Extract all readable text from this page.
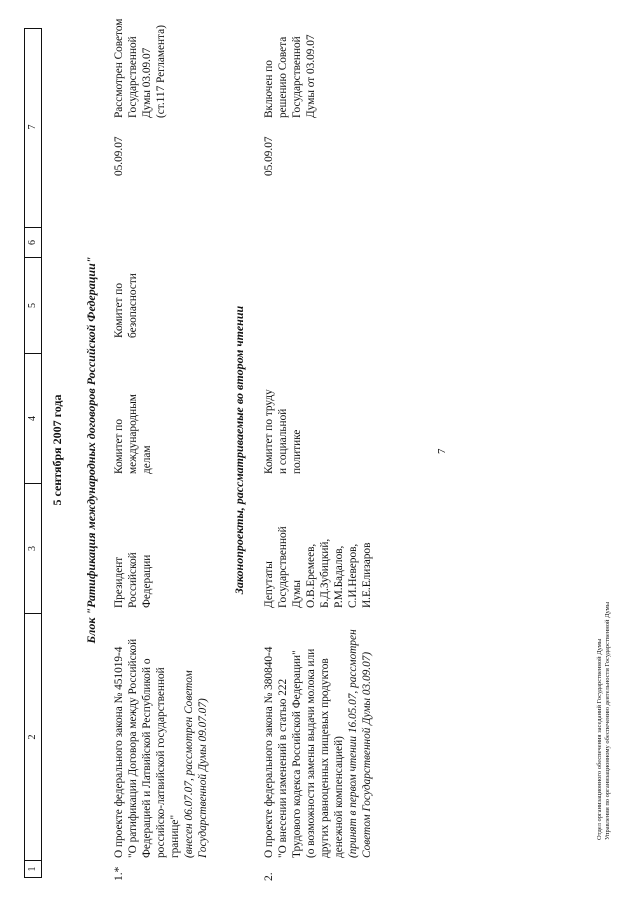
7
1
2
3
4
5
6
7
5 сентября 2007 года Блок "Ратификация международных договоров Российской Федерации"
1.*
О проекте федерального закона № 451019-4 "О ратификации Договора между Российской Федерацией и Латвийской Республикой о российско-латвийской государственной границе" (внесен 06.07.07, рассмотрен Советом Государственной Думы 09.07.07)
Президент Российской Федерации
Комитет по международным делам
Комитет по безопасности
05.09.07
Рассмотрен Советом Государственной Думы 03.09.07 (ст.117 Регламента)
Законопроекты, рассматриваемые во втором чтении
2.
О проекте федерального закона № 380840-4 "О внесении изменений в статью 222 Трудового кодекса Российской Федерации" (о возможности замены выдачи молока или других равноценных пищевых продуктов денежной компенсацией) (принят в первом чтении 16.05.07, рассмотрен Советом Государственной Думы 03.09.07)
Депутаты Государственной Думы О.В.Еремеев, Б.Д.Зубицкий, Р.М.Бадалов, С.И.Неверов, И.Е.Елизаров
Комитет по труду и социальной политике
05.09.07
Включен по решению Совета Государственной Думы от 03.09.07
Отдел организационного обеспечения заседаний Государственной Думы Управления по организационному обеспечению деятельности Государственной Думы
